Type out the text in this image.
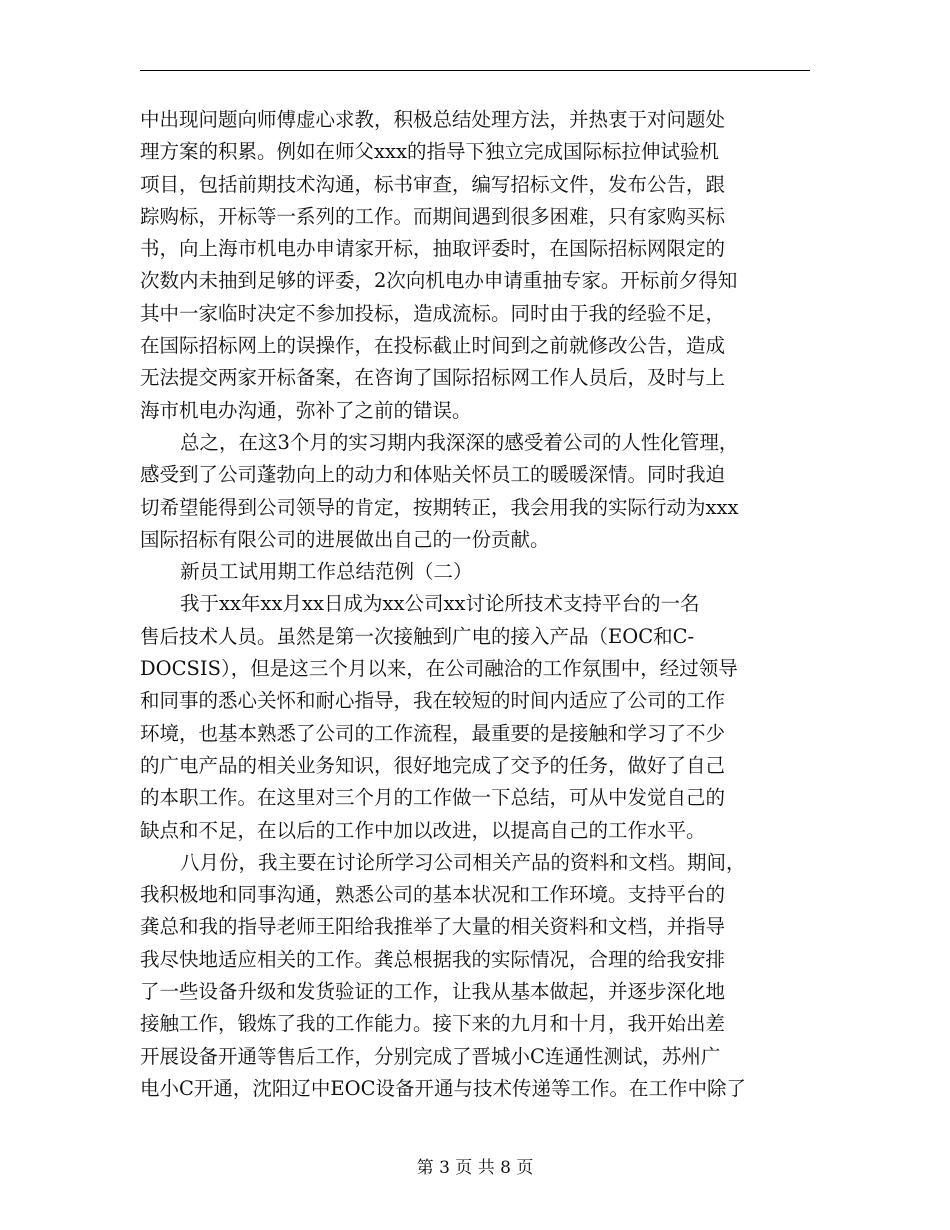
中出现问题向师傅虚心求教，积极总结处理方法，并热衷于对问题处
理方案的积累。例如在师父xxx的指导下独立完成国际标拉伸试验机
项目，包括前期技术沟通，标书审查，编写招标文件，发布公告，跟
踪购标，开标等一系列的工作。而期间遇到很多困难，只有家购买标
书，向上海市机电办申请家开标，抽取评委时，在国际招标网限定的
次数内未抽到足够的评委，2次向机电办申请重抽专家。开标前夕得知
其中一家临时决定不参加投标，造成流标。同时由于我的经验不足，
在国际招标网上的误操作，在投标截止时间到之前就修改公告，造成
无法提交两家开标备案，在咨询了国际招标网工作人员后，及时与上
海市机电办沟通，弥补了之前的错误。
总之，在这3个月的实习期内我深深的感受着公司的人性化管理，
感受到了公司蓬勃向上的动力和体贴关怀员工的暖暖深情。同时我迫
切希望能得到公司领导的肯定，按期转正，我会用我的实际行动为xxx
国际招标有限公司的进展做出自己的一份贡献。
新员工试用期工作总结范例（二）
我于xx年xx月xx日成为xx公司xx讨论所技术支持平台的一名
售后技术人员。虽然是第一次接触到广电的接入产品（EOC和C-
DOCSIS），但是这三个月以来，在公司融洽的工作氛围中，经过领导
和同事的悉心关怀和耐心指导，我在较短的时间内适应了公司的工作
环境，也基本熟悉了公司的工作流程，最重要的是接触和学习了不少
的广电产品的相关业务知识，很好地完成了交予的任务，做好了自己
的本职工作。在这里对三个月的工作做一下总结，可从中发觉自己的
缺点和不足，在以后的工作中加以改进，以提高自己的工作水平。
八月份，我主要在讨论所学习公司相关产品的资料和文档。期间，
我积极地和同事沟通，熟悉公司的基本状况和工作环境。支持平台的
龚总和我的指导老师王阳给我推举了大量的相关资料和文档，并指导
我尽快地适应相关的工作。龚总根据我的实际情况，合理的给我安排
了一些设备升级和发货验证的工作，让我从基本做起，并逐步深化地
接触工作，锻炼了我的工作能力。接下来的九月和十月，我开始出差
开展设备开通等售后工作，分别完成了晋城小C连通性测试，苏州广
电小C开通，沈阳辽中EOC设备开通与技术传递等工作。在工作中除了
第 3 页 共 8 页
